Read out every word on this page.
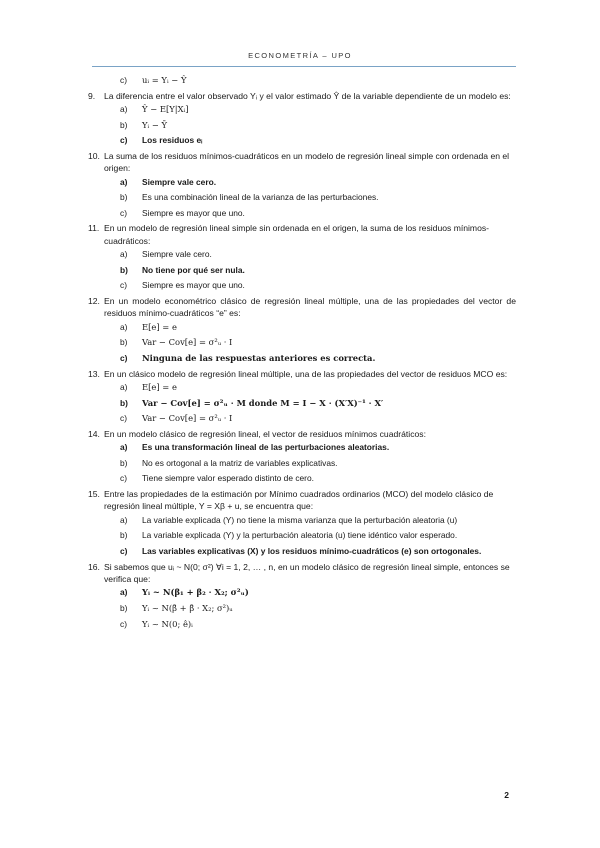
ECONOMETRÍA – UPO
c) uᵢ = Yᵢ − Ŷ
9. La diferencia entre el valor observado Yᵢ y el valor estimado Ŷ de la variable dependiente de un modelo es:
a) Ŷ − E[Y|Xᵢ]
b) Yᵢ − Ȳ
c) Los residuos eᵢ
10. La suma de los residuos mínimos-cuadráticos en un modelo de regresión lineal simple con ordenada en el origen:
a) Siempre vale cero.
b) Es una combinación lineal de la varianza de las perturbaciones.
c) Siempre es mayor que uno.
11. En un modelo de regresión lineal simple sin ordenada en el origen, la suma de los residuos mínimos-cuadráticos:
a) Siempre vale cero.
b) No tiene por qué ser nula.
c) Siempre es mayor que uno.
12. En un modelo econométrico clásico de regresión lineal múltiple, una de las propiedades del vector de residuos mínimo-cuadráticos “e” es:
a) E[e] = e
b) Var − Cov[e] = σ²ᵤ · I
c) Ninguna de las respuestas anteriores es correcta.
13. En un clásico modelo de regresión lineal múltiple, una de las propiedades del vector de residuos MCO es:
a) E[e] = e
b) Var − Cov[e] = σ²ᵤ · M donde M = I − X · (X′X)⁻¹ · X′
c) Var − Cov[e] = σ²ᵤ · I
14. En un modelo clásico de regresión lineal, el vector de residuos mínimos cuadráticos:
a) Es una transformación lineal de las perturbaciones aleatorias.
b) No es ortogonal a la matriz de variables explicativas.
c) Tiene siempre valor esperado distinto de cero.
15. Entre las propiedades de la estimación por Mínimo cuadrados ordinarios (MCO) del modelo clásico de regresión lineal múltiple, Y = Xβ + u, se encuentra que:
a) La variable explicada (Y) no tiene la misma varianza que la perturbación aleatoria (u)
b) La variable explicada (Y) y la perturbación aleatoria (u) tiene idéntico valor esperado.
c) Las variables explicativas (X) y los residuos mínimo-cuadráticos (e) son ortogonales.
16. Si sabemos que uᵢ ~ N(0; σ²) ∀i = 1, 2, … , n, en un modelo clásico de regresión lineal simple, entonces se verifica que:
a) Yᵢ ~ N(β₁ + β₂ · X₂; σ²ᵤ)
b) Yᵢ ~ N(β̂ + β̂ · X₂; σ²)ᵤ
c) Yᵢ ~ N(0; ê)ᵢ
2
